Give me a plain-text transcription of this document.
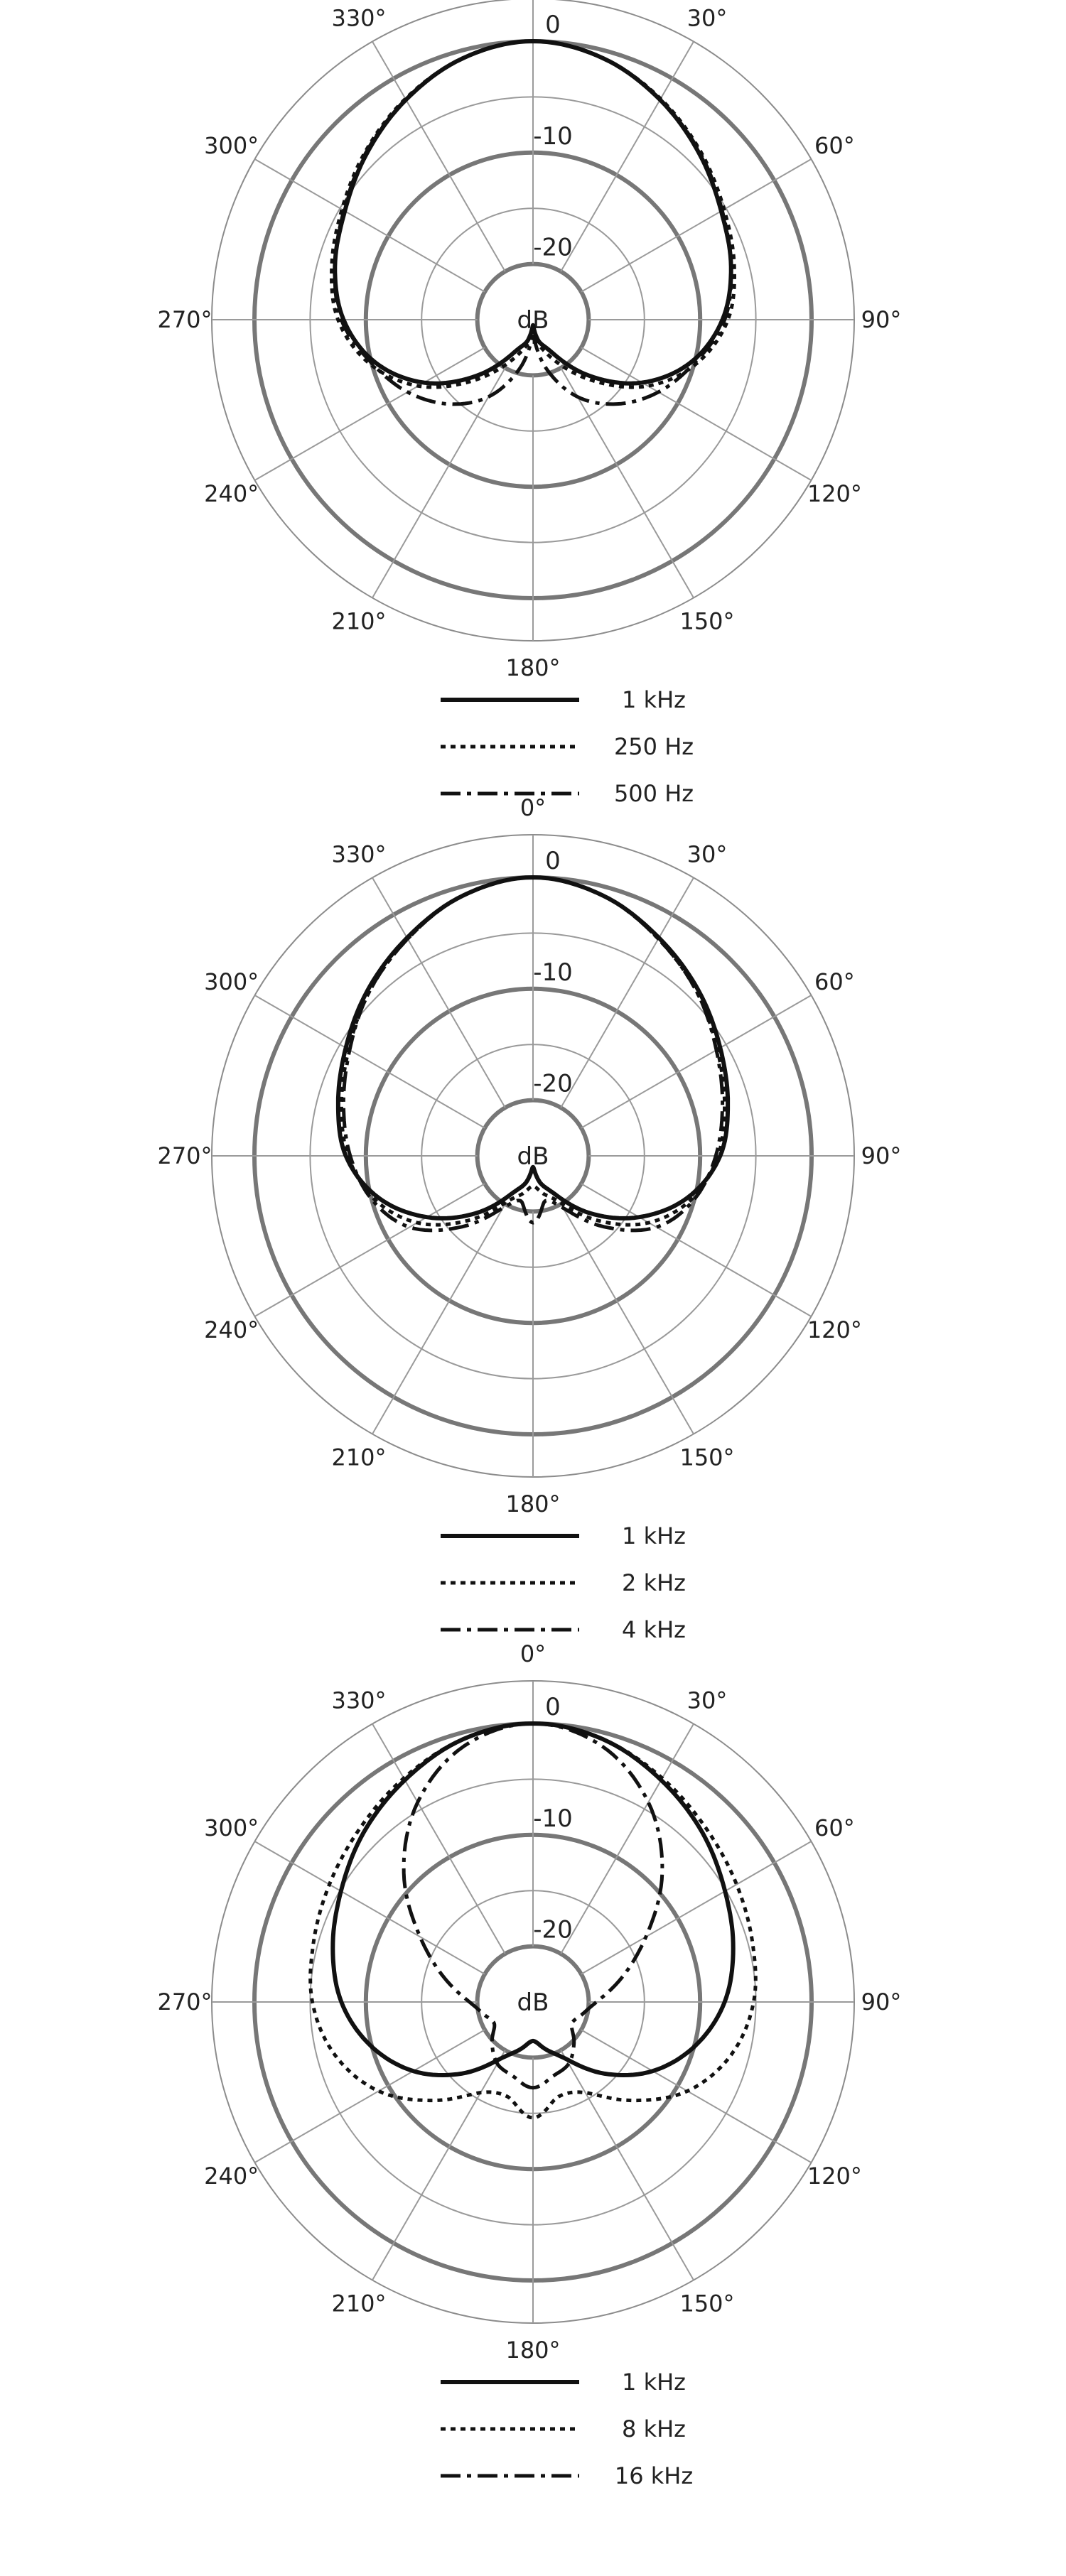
30°
60°
90°
120°
150°
180°
210°
240°
270°
300°
330°	0
-10
-20
dB
1 kHz
250 Hz
500 Hz
0°
30°
60°
90°
120°
150°
180°
210°
240°
270°
300°
330°	0
-10
-20
dB
1 kHz
2 kHz
4 kHz
0°
30°
60°
90°
120°
150°
180°
210°
240°
270°
300°
330°	0
-10
-20
dB
1 kHz
8 kHz
16 kHz
